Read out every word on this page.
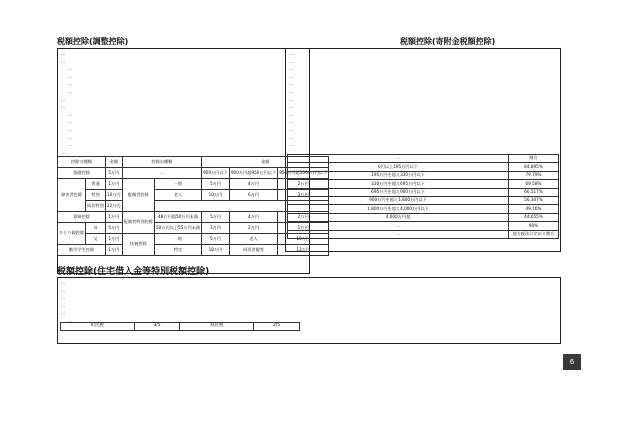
税額控除(調整控除)	税額控除(寄附金税額控除)
…
…
…
…
…
…
…
…
…
…
…
…
…
…
控除の種類		金額	控除の種類		金額		
基礎控除		5万円	…		900万円以下	900万円超950万円以下	950万円超1000万円以下
障害者控除	普通	1万円	配偶者控除	一般	5万円	4万円	2万円
	特別	10万円		老人	10万円	6万円	3万円
	同居特別	22万円					
寡婦控除		1万円	配偶者特別控除	48万円超50万円未満	5万円	4万円	2万円
ひとり親控除	母	5万円		50万円以上55万円未満	3万円	2万円	1万円
	父	1万円	扶養控除	一般	5万円	老人	10万円
勤労学生控除		1万円		特定	18万円	同居老親等	13万円
…
…
…
…
…
…
…
…
…
…
…
…
…
…	割合
0円以上195万円以下	84.895%
195万円を超え330万円以下	79.79%
330万円を超え695万円以下	69.58%
695万円を超え900万円以下	66.517%
900万円を超え1,800万円以下	56.307%
1,800万円を超え4,000万円以下	49.16%
4,000万円超	44.055%
…	90%
…	地方税法に定める割合
税額控除(住宅借入金等特別税額控除)
…
…
…
…
…
…
町民税	3/5	県民税	2/5
6
